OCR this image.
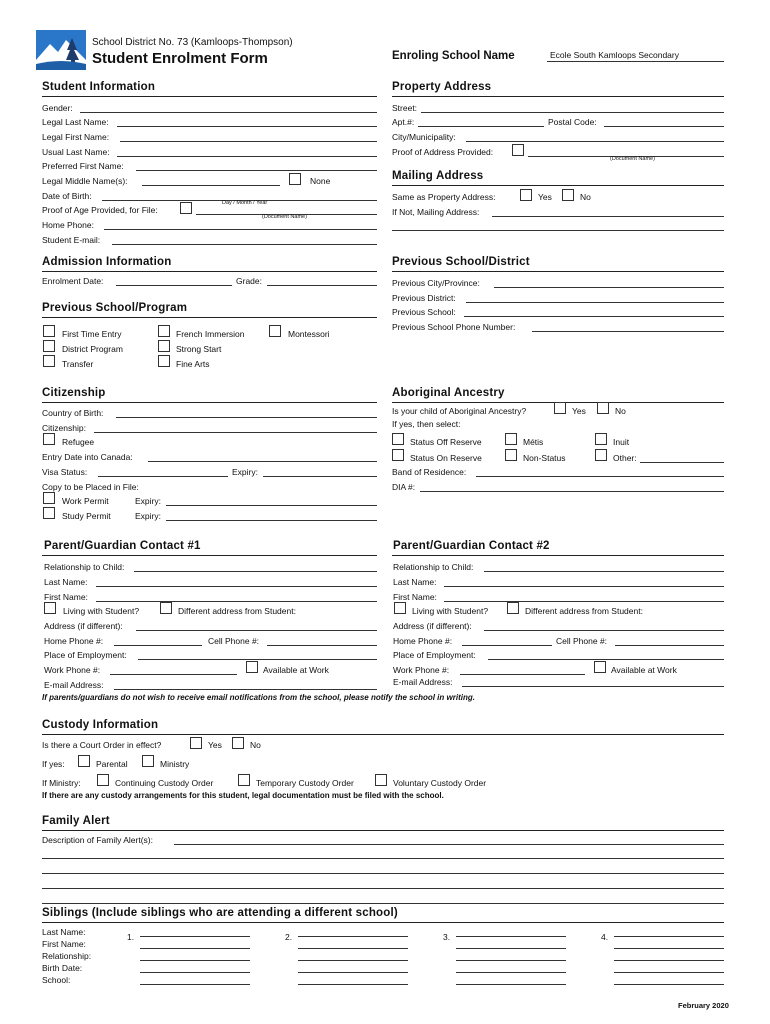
School District No. 73 (Kamloops-Thompson)
Student Enrolment Form	Enroling School Name	Ecole South Kamloops Secondary
Student Information
Gender:
Legal Last Name:
Legal First Name:
Usual Last Name:
Preferred First Name:
Legal Middle Name(s):	None
Date of Birth:
Day / Month / Year
Proof of Age Provided, for File:
(Document Name)
Home Phone:
Student E-mail:
Property Address
Street:
Apt.#:	Postal Code:
City/Municipality:
Proof of Address Provided:
(Document Name)
Mailing Address
Same as Property Address:	Yes	No
If Not, Mailing Address:
Admission Information
Enrolment Date:	Grade:
Previous School/Program
First Time Entry
District Program
Transfer
French Immersion
Strong Start
Fine Arts
Montessori
Previous School/District
Previous City/Province:
Previous District:
Previous School:
Previous School Phone Number:
Citizenship
Country of Birth:
Citizenship:
Refugee
Entry Date into Canada:
Visa Status:	Expiry:
Copy to be Placed in File:
Work Permit	Expiry:
Study Permit	Expiry:
Aboriginal Ancestry
Is your child of Aboriginal Ancestry?	Yes	No
If yes, then select:
Status Off Reserve
Status On Reserve
Métis
Non-Status
Inuit
Other:
Band of Residence:
DIA #:
Parent/Guardian Contact #1
Relationship to Child:
Last Name:
First Name:
Living with Student?	Different address from Student:
Address (if different):
Home Phone #:	Cell Phone #:
Place of Employment:
Work Phone #:	Available at Work
E-mail Address:
Parent/Guardian Contact #2
Relationship to Child:
Last Name:
First Name:
Living with Student?	Different address from Student:
Address (if different):
Home Phone #:	Cell Phone #:
Place of Employment:
Work Phone #:	Available at Work
E-mail Address:
If parents/guardians do not wish to receive email notifications from the school, please notify the school in writing.
Custody Information
Is there a Court Order in effect?	Yes	No
If yes:	Parental	Ministry
If Ministry:	Continuing Custody Order	Temporary Custody Order	Voluntary Custody Order
If there are any custody arrangements for this student, legal documentation must be filed with the school.
Family Alert
Description of Family Alert(s):
Siblings (Include siblings who are attending a different school)
Last Name:
First Name:
Relationship:
Birth Date:
School:
1.	2.	3.	4.
February 2020
